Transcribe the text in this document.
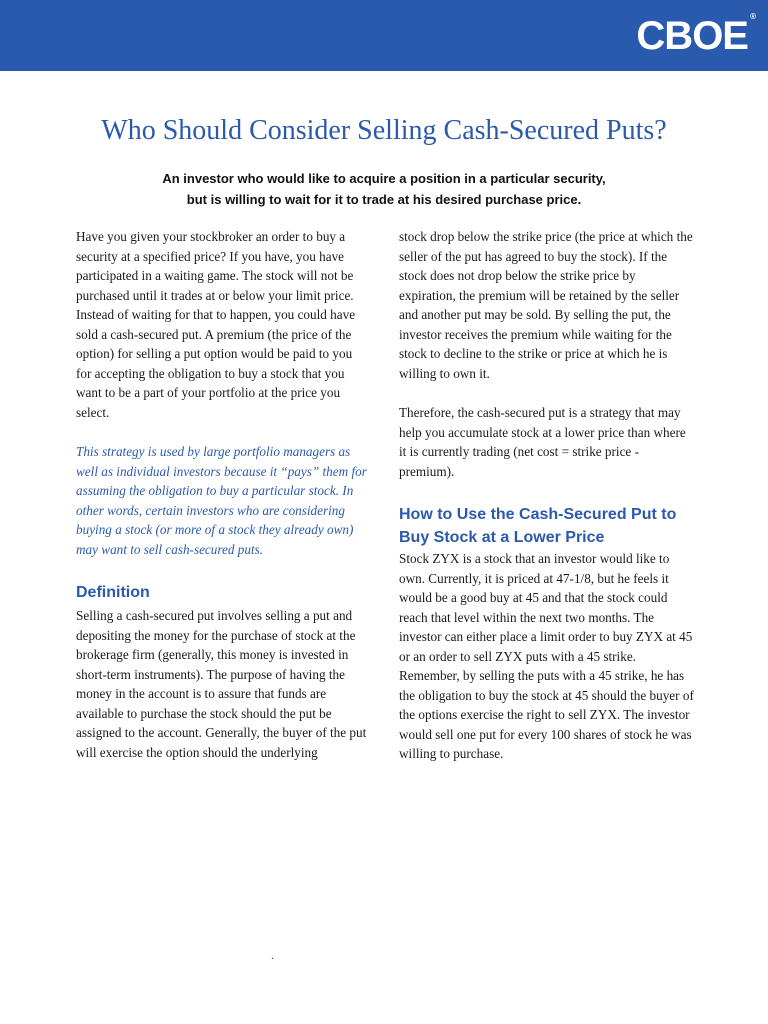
CBOE ®
Who Should Consider Selling Cash-Secured Puts?
An investor who would like to acquire a position in a particular security,
but is willing to wait for it to trade at his desired purchase price.

Have you given your stockbroker an order to buy a security at a specified price? If you have, you have participated in a waiting game. The stock will not be purchased until it trades at or below your limit price. Instead of waiting for that to happen, you could have sold a cash-secured put. A premium (the price of the option) for selling a put option would be paid to you for accepting the obligation to buy a stock that you want to be a part of your portfolio at the price you select.

This strategy is used by large portfolio managers as well as individual investors because it “pays” them for assuming the obligation to buy a particular stock. In other words, certain investors who are considering buying a stock (or more of a stock they already own) may want to sell cash-secured puts.

Definition

Selling a cash-secured put involves selling a put and depositing the money for the purchase of stock at the brokerage firm (generally, this money is invested in short-term instruments). The purpose of having the money in the account is to assure that funds are available to purchase the stock should the put be assigned to the account. Generally, the buyer of the put will exercise the option should the underlying

stock drop below the strike price (the price at which the seller of the put has agreed to buy the stock). If the stock does not drop below the strike price by expiration, the premium will be retained by the seller and another put may be sold. By selling the put, the investor receives the premium while waiting for the stock to decline to the strike or price at which he is willing to own it.

Therefore, the cash-secured put is a strategy that may help you accumulate stock at a lower price than where it is currently trading (net cost = strike price - premium).

How to Use the Cash-Secured Put to Buy Stock at a Lower Price

Stock ZYX is a stock that an investor would like to own. Currently, it is priced at 47-1/8, but he feels it would be a good buy at 45 and that the stock could reach that level within the next two months. The investor can either place a limit order to buy ZYX at 45 or an order to sell ZYX puts with a 45 strike. Remember, by selling the puts with a 45 strike, he has the obligation to buy the stock at 45 should the buyer of the options exercise the right to sell ZYX. The investor would sell one put for every 100 shares of stock he was willing to purchase.

.
